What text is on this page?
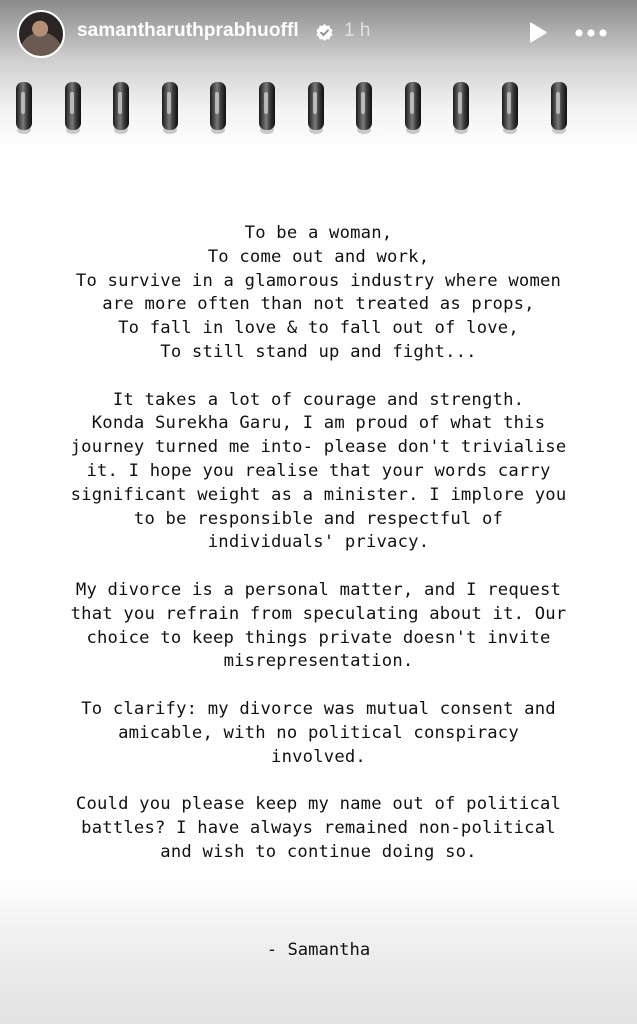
samantharuthprabhuoffl 1 h

To be a woman,

To come out and work,

To survive in a glamorous industry where women

are more often than not treated as props,

To fall in love & to fall out of love,

To still stand up and fight...

It takes a lot of courage and strength.

Konda Surekha Garu, I am proud of what this

journey turned me into- please don't trivialise

it. I hope you realise that your words carry

significant weight as a minister. I implore you

to be responsible and respectful of

individuals' privacy.

My divorce is a personal matter, and I request

that you refrain from speculating about it. Our

choice to keep things private doesn't invite

misrepresentation.

To clarify: my divorce was mutual consent and

amicable, with no political conspiracy

involved.

Could you please keep my name out of political

battles? I have always remained non-political

and wish to continue doing so.

- Samantha
